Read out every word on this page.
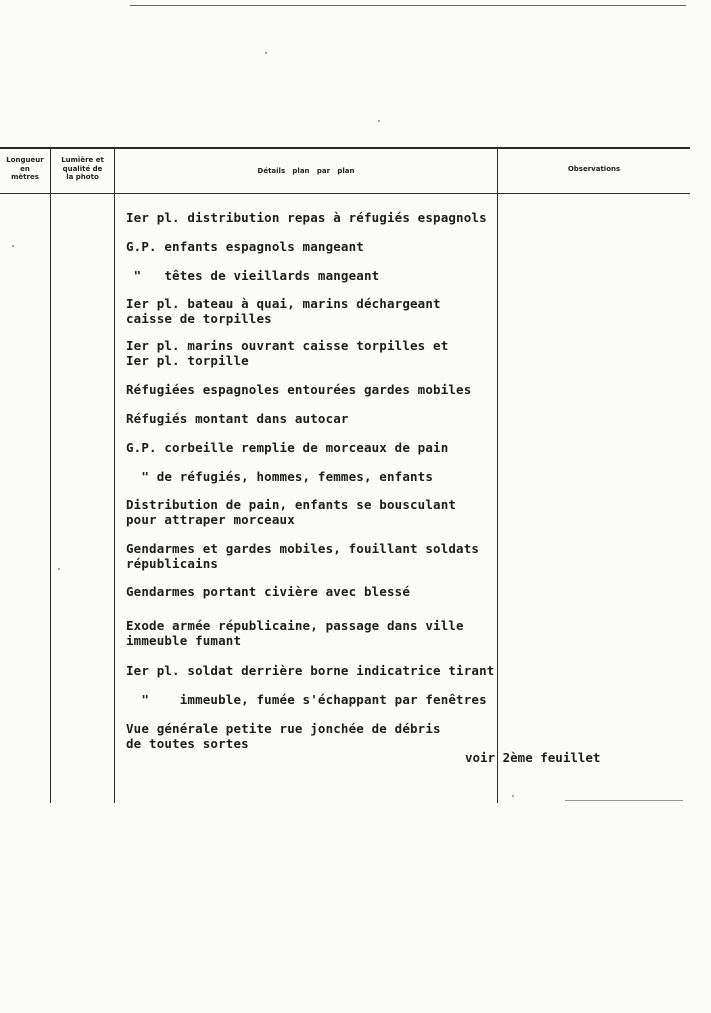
Longueur
en
mètres
Lumière et
qualité de
la photo
Détails   plan   par   plan	Observations
Ier pl. distribution repas à réfugiés espagnols
G.P. enfants espagnols mangeant
"   têtes de vieillards mangeant
Ier pl. bateau à quai, marins déchargeant
caisse de torpilles
Ier pl. marins ouvrant caisse torpilles et
Ier pl. torpille
Réfugiées espagnoles entourées gardes mobiles
Réfugiés montant dans autocar
G.P. corbeille remplie de morceaux de pain
" de réfugiés, hommes, femmes, enfants
Distribution de pain, enfants se bousculant
pour attraper morceaux
Gendarmes et gardes mobiles, fouillant soldats
républicains
Gendarmes portant civière avec blessé
Exode armée républicaine, passage dans ville
immeuble fumant
Ier pl. soldat derrière borne indicatrice tirant
"    immeuble, fumée s'échappant par fenêtres
Vue générale petite rue jonchée de débris
de toutes sortes
voir 2ème feuillet
